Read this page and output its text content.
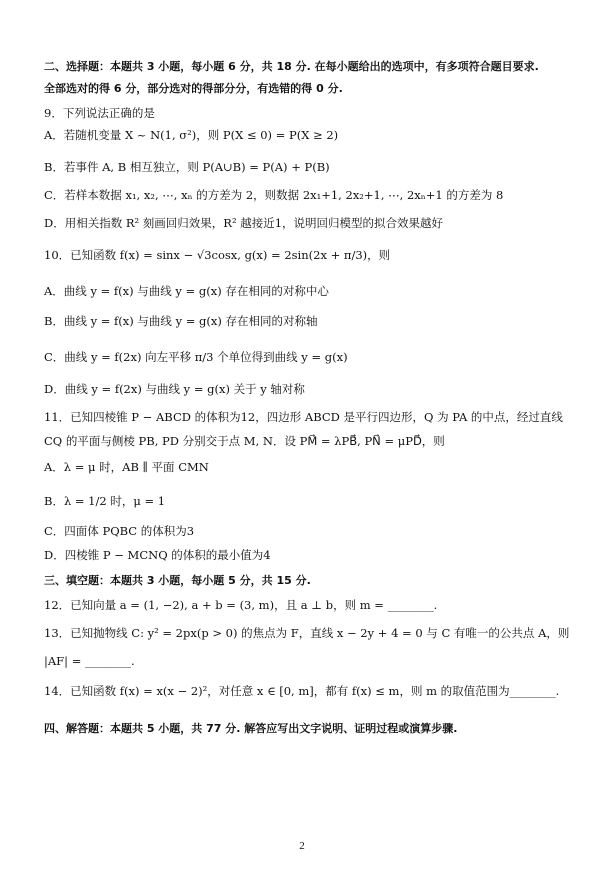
二、选择题：本题共 3 小题，每小题 6 分，共 18 分. 在每小题给出的选项中，有多项符合题目要求.
全部选对的得 6 分，部分选对的得部分分，有选错的得 0 分.
9．下列说法正确的是
A．若随机变量 X ~ N(1, σ²)，则 P(X ≤ 0) = P(X ≥ 2)
B．若事件 A, B 相互独立，则 P(A∪B) = P(A) + P(B)
C．若样本数据 x₁, x₂, ⋯, xₙ 的方差为 2，则数据 2x₁+1, 2x₂+1, ⋯, 2xₙ+1 的方差为 8
D．用相关指数 R² 刻画回归效果，R² 越接近1，说明回归模型的拟合效果越好
10．已知函数 f(x) = sinx − √3cosx, g(x) = 2sin(2x + π/3)，则
A．曲线 y = f(x) 与曲线 y = g(x) 存在相同的对称中心
B．曲线 y = f(x) 与曲线 y = g(x) 存在相同的对称轴
C．曲线 y = f(2x) 向左平移 π/3 个单位得到曲线 y = g(x)
D．曲线 y = f(2x) 与曲线 y = g(x) 关于 y 轴对称
11．已知四棱锥 P − ABCD 的体积为12，四边形 ABCD 是平行四边形，Q 为 PA 的中点，经过直线
CQ 的平面与侧棱 PB, PD 分别交于点 M, N．设 PM⃗ = λPB⃗, PN⃗ = μPD⃗，则
A．λ = μ 时，AB ∥ 平面 CMN
B．λ = 1/2 时，μ = 1
C．四面体 PQBC 的体积为3
D．四棱锥 P − MCNQ 的体积的最小值为4
三、填空题：本题共 3 小题，每小题 5 分，共 15 分.
12．已知向量 a = (1, −2), a + b = (3, m)，且 a ⊥ b，则 m = ________.
13．已知抛物线 C: y² = 2px(p > 0) 的焦点为 F，直线 x − 2y + 4 = 0 与 C 有唯一的公共点 A，则
|AF| = ________.
14．已知函数 f(x) = x(x − 2)²，对任意 x ∈ [0, m]，都有 f(x) ≤ m，则 m 的取值范围为________.
四、解答题：本题共 5 小题，共 77 分. 解答应写出文字说明、证明过程或演算步骤.
2
